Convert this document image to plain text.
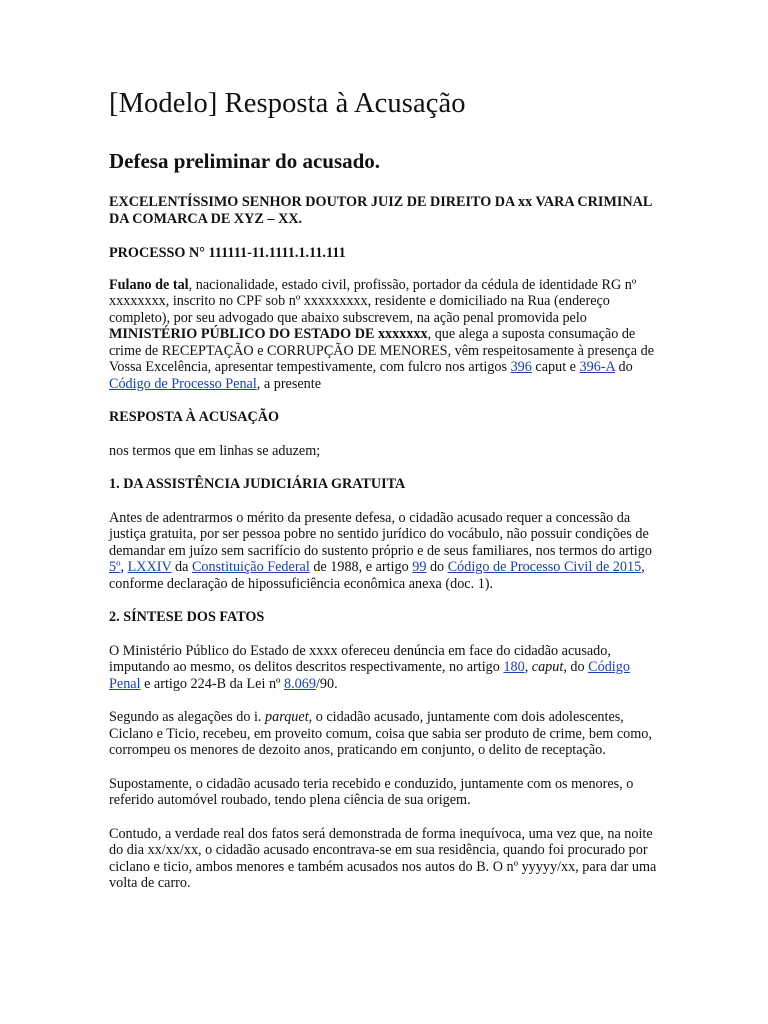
[Modelo] Resposta à Acusação
Defesa preliminar do acusado.

EXCELENTÍSSIMO SENHOR DOUTOR JUIZ DE DIREITO DA xx VARA CRIMINAL DA COMARCA DE XYZ – XX.

PROCESSO N° 111111-11.1111.1.11.111

Fulano de tal, nacionalidade, estado civil, profissão, portador da cédula de identidade RG nº xxxxxxxx, inscrito no CPF sob nº xxxxxxxxx, residente e domiciliado na Rua (endereço completo), por seu advogado que abaixo subscrevem, na ação penal promovida pelo MINISTÉRIO PÚBLICO DO ESTADO DE xxxxxxx, que alega a suposta consumação de crime de RECEPTAÇÃO e CORRUPÇÃO DE MENORES, vêm respeitosamente à presença de Vossa Excelência, apresentar tempestivamente, com fulcro nos artigos 396 caput e 396-A do Código de Processo Penal, a presente

RESPOSTA À ACUSAÇÃO

nos termos que em linhas se aduzem;

1. DA ASSISTÊNCIA JUDICIÁRIA GRATUITA

Antes de adentrarmos o mérito da presente defesa, o cidadão acusado requer a concessão da justiça gratuita, por ser pessoa pobre no sentido jurídico do vocábulo, não possuir condições de demandar em juízo sem sacrifício do sustento próprio e de seus familiares, nos termos do artigo 5º, LXXIV da Constituição Federal de 1988, e artigo 99 do Código de Processo Civil de 2015, conforme declaração de hipossuficiência econômica anexa (doc. 1).

2. SÍNTESE DOS FATOS

O Ministério Público do Estado de xxxx ofereceu denúncia em face do cidadão acusado, imputando ao mesmo, os delitos descritos respectivamente, no artigo 180, caput, do Código Penal e artigo 224-B da Lei nº 8.069/90.

Segundo as alegações do i. parquet, o cidadão acusado, juntamente com dois adolescentes, Ciclano e Ticio, recebeu, em proveito comum, coisa que sabia ser produto de crime, bem como, corrompeu os menores de dezoito anos, praticando em conjunto, o delito de receptação.

Supostamente, o cidadão acusado teria recebido e conduzido, juntamente com os menores, o referido automóvel roubado, tendo plena ciência de sua origem.

Contudo, a verdade real dos fatos será demonstrada de forma inequívoca, uma vez que, na noite do dia xx/xx/xx, o cidadão acusado encontrava-se em sua residência, quando foi procurado por ciclano e ticio, ambos menores e também acusados nos autos do B. O nº yyyyy/xx, para dar uma volta de carro.
